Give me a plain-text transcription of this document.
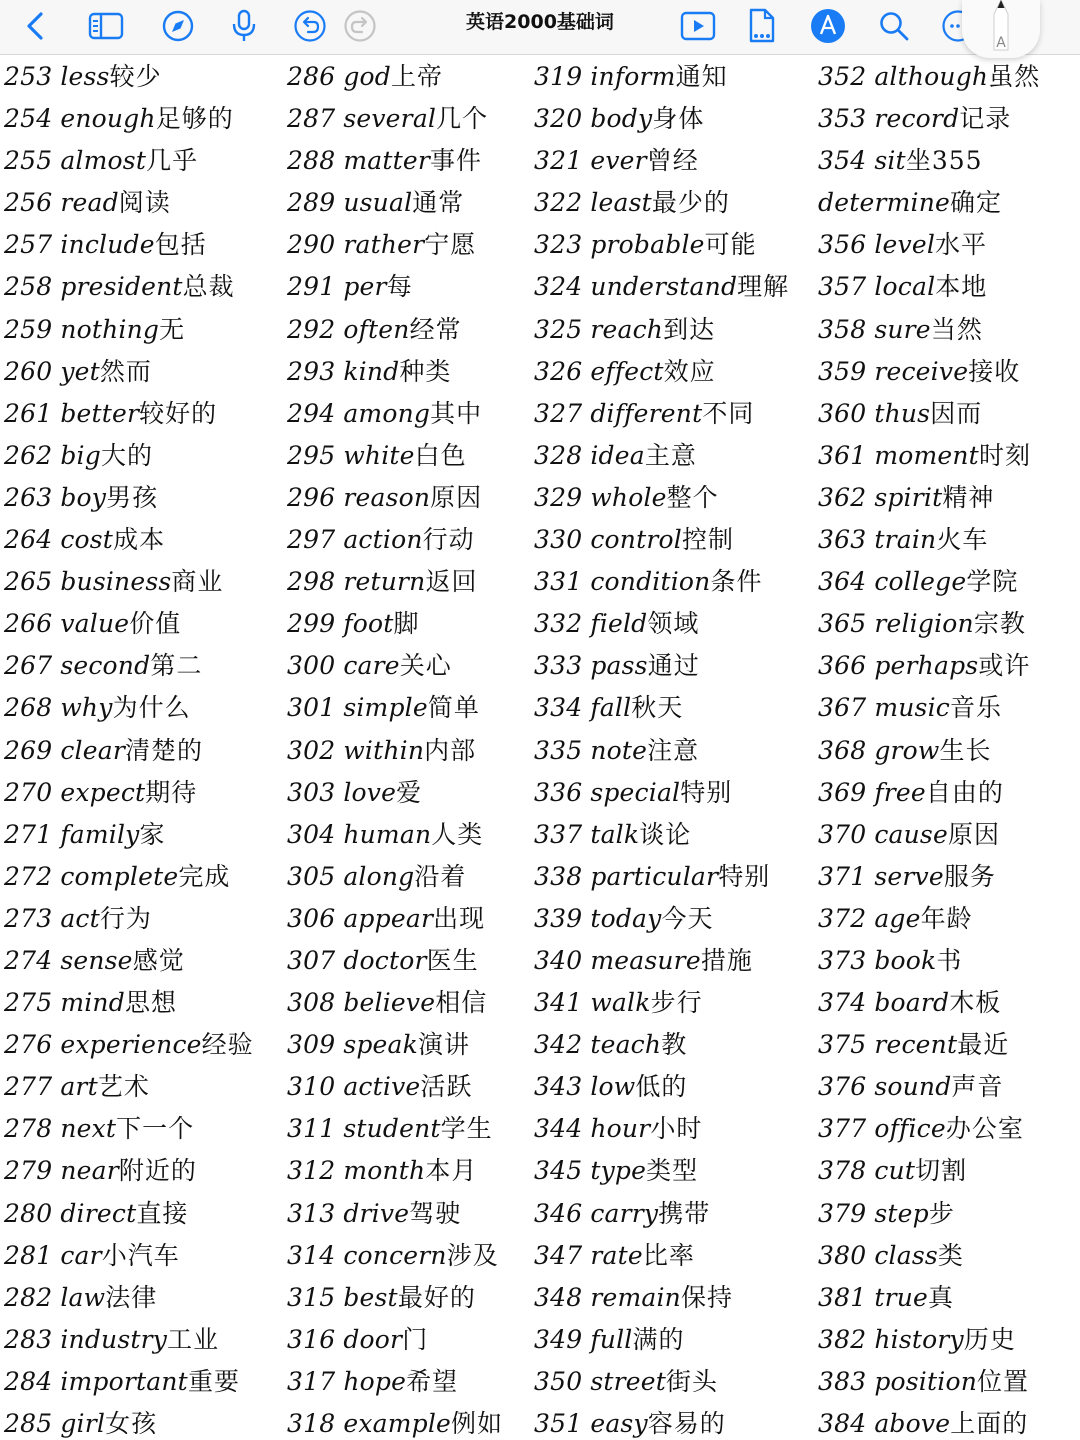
英语2000基础词
A
253 less较少
254 enough足够的
255 almost几乎
256 read阅读
257 include包括
258 president总裁
259 nothing无
260 yet然而
261 better较好的
262 big大的
263 boy男孩
264 cost成本
265 business商业
266 value价值
267 second第二
268 why为什么
269 clear清楚的
270 expect期待
271 family家
272 complete完成
273 act行为
274 sense感觉
275 mind思想
276 experience经验
277 art艺术
278 next下一个
279 near附近的
280 direct直接
281 car小汽车
282 law法律
283 industry工业
284 important重要
285 girl女孩
286 god上帝
287 several几个
288 matter事件
289 usual通常
290 rather宁愿
291 per每
292 often经常
293 kind种类
294 among其中
295 white白色
296 reason原因
297 action行动
298 return返回
299 foot脚
300 care关心
301 simple简单
302 within内部
303 love爱
304 human人类
305 along沿着
306 appear出现
307 doctor医生
308 believe相信
309 speak演讲
310 active活跃
311 student学生
312 month本月
313 drive驾驶
314 concern涉及
315 best最好的
316 door门
317 hope希望
318 example例如
319 inform通知
320 body身体
321 ever曾经
322 least最少的
323 probable可能
324 understand理解
325 reach到达
326 effect效应
327 different不同
328 idea主意
329 whole整个
330 control控制
331 condition条件
332 field领域
333 pass通过
334 fall秋天
335 note注意
336 special特别
337 talk谈论
338 particular特别
339 today今天
340 measure措施
341 walk步行
342 teach教
343 low低的
344 hour小时
345 type类型
346 carry携带
347 rate比率
348 remain保持
349 full满的
350 street街头
351 easy容易的
352 although虽然
353 record记录
354 sit坐355
determine确定
356 level水平
357 local本地
358 sure当然
359 receive接收
360 thus因而
361 moment时刻
362 spirit精神
363 train火车
364 college学院
365 religion宗教
366 perhaps或许
367 music音乐
368 grow生长
369 free自由的
370 cause原因
371 serve服务
372 age年龄
373 book书
374 board木板
375 recent最近
376 sound声音
377 office办公室
378 cut切割
379 step步
380 class类
381 true真
382 history历史
383 position位置
384 above上面的
